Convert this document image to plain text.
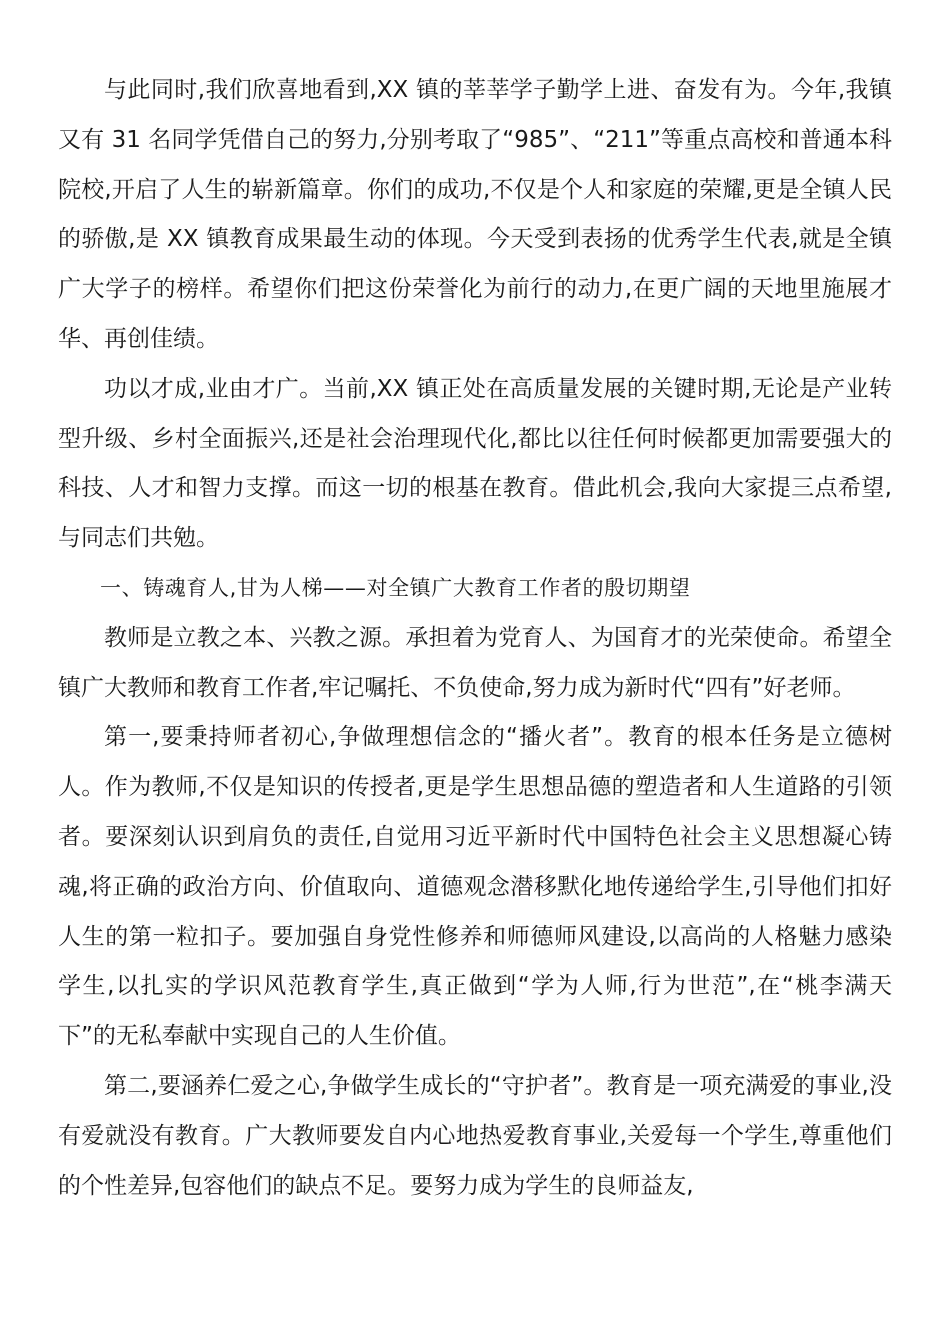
与此同时,我们欣喜地看到,XX 镇的莘莘学子勤学上进、奋发有为。今年,我镇又有 31 名同学凭借自己的努力,分别考取了“985”、“211”等重点高校和普通本科院校,开启了人生的崭新篇章。你们的成功,不仅是个人和家庭的荣耀,更是全镇人民的骄傲,是 XX 镇教育成果最生动的体现。今天受到表扬的优秀学生代表,就是全镇广大学子的榜样。希望你们把这份荣誉化为前行的动力,在更广阔的天地里施展才华、再创佳绩。

功以才成,业由才广。当前,XX 镇正处在高质量发展的关键时期,无论是产业转型升级、乡村全面振兴,还是社会治理现代化,都比以往任何时候都更加需要强大的科技、人才和智力支撑。而这一切的根基在教育。借此机会,我向大家提三点希望,与同志们共勉。

一、铸魂育人,甘为人梯——对全镇广大教育工作者的殷切期望

教师是立教之本、兴教之源。承担着为党育人、为国育才的光荣使命。希望全镇广大教师和教育工作者,牢记嘱托、不负使命,努力成为新时代“四有”好老师。

第一,要秉持师者初心,争做理想信念的“播火者”。教育的根本任务是立德树人。作为教师,不仅是知识的传授者,更是学生思想品德的塑造者和人生道路的引领者。要深刻认识到肩负的责任,自觉用习近平新时代中国特色社会主义思想凝心铸魂,将正确的政治方向、价值取向、道德观念潜移默化地传递给学生,引导他们扣好人生的第一粒扣子。要加强自身党性修养和师德师风建设,以高尚的人格魅力感染学生,以扎实的学识风范教育学生,真正做到“学为人师,行为世范”,在“桃李满天下”的无私奉献中实现自己的人生价值。

第二,要涵养仁爱之心,争做学生成长的“守护者”。教育是一项充满爱的事业,没有爱就没有教育。广大教师要发自内心地热爱教育事业,关爱每一个学生,尊重他们的个性差异,包容他们的缺点不足。要努力成为学生的良师益友,
